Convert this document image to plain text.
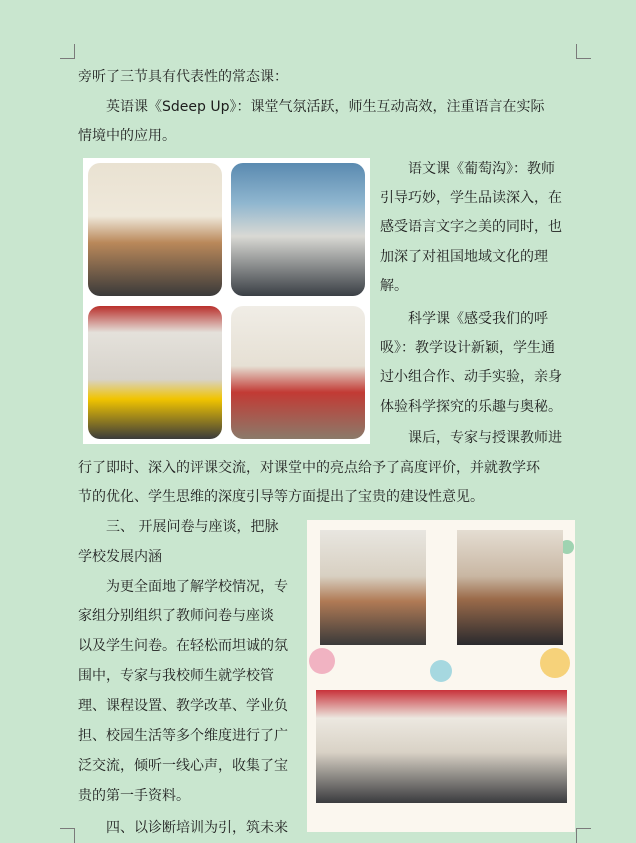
旁听了三节具有代表性的常态课：
英语课《Sdeep Up》：课堂气氛活跃，师生互动高效，注重语言在实际
情境中的应用。
语文课《葡萄沟》：教师
引导巧妙，学生品读深入，在
感受语言文字之美的同时，也
加深了对祖国地域文化的理
解。
科学课《感受我们的呼
吸》：教学设计新颖，学生通
过小组合作、动手实验，亲身
体验科学探究的乐趣与奥秘。
课后，专家与授课教师进
行了即时、深入的评课交流，对课堂中的亮点给予了高度评价，并就教学环
节的优化、学生思维的深度引导等方面提出了宝贵的建设性意见。
三、 开展问卷与座谈，把脉
学校发展内涵
为更全面地了解学校情况，专
家组分别组织了教师问卷与座谈
以及学生问卷。在轻松而坦诚的氛
围中，专家与我校师生就学校管
理、课程设置、教学改革、学业负
担、校园生活等多个维度进行了广
泛交流，倾听一线心声，收集了宝
贵的第一手资料。
四、以诊断培训为引，筑未来
